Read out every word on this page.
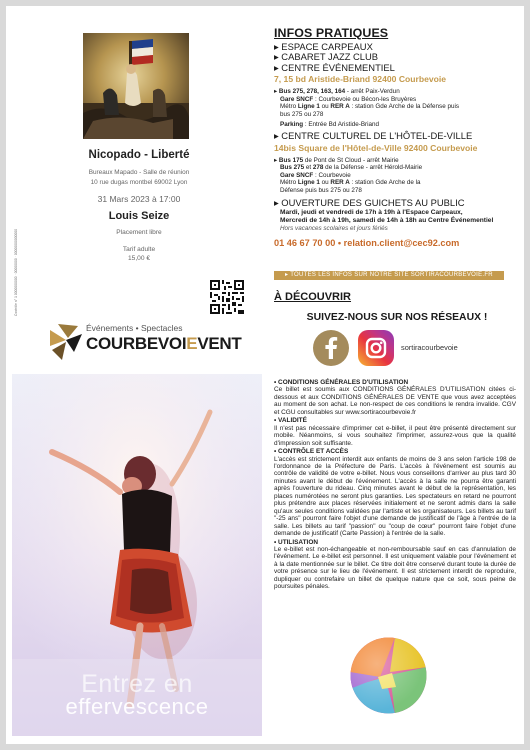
Contrôle n° 1 0000000000 · 00000000 · 00000000000000
Nicopado - Liberté
Bureaux Mapado - Salle de réunion
10 rue dugas montbel 69002 Lyon
31 Mars 2023 à 17:00
Louis Seize
Placement libre
Tarif adulte
15,00 €
Événements • Spectacles
COURBEVOIEVENT
INFOS PRATIQUES
▸ ESPACE CARPEAUX
▸ CABARET JAZZ CLUB
▸ CENTRE ÉVÉNEMENTIEL
7, 15 bd Aristide-Briand 92400 Courbevoie
▸ Bus 275, 278, 163, 164 - arrêt Paix-Verdun
Gare SNCF : Courbevoie ou Bécon-les Bruyères
Métro Ligne 1 ou RER A : station Gde Arche de la Défense puis
bus 275 ou 278
Parking : Entrée Bd Aristide-Briand
▸ CENTRE CULTUREL DE L'HÔTEL-DE-VILLE
14bis Square de l'Hôtel-de-Ville 92400 Courbevoie
▸ Bus 175 de Pont de St Cloud - arrêt Mairie
Bus 275 et 278 de la Défense - arrêt Hérold-Mairie
Gare SNCF : Courbevoie
Métro Ligne 1 ou RER A : station Gde Arche de la
Défense puis bus 275 ou 278
▸ OUVERTURE DES GUICHETS AU PUBLIC
Mardi, jeudi et vendredi de 17h à 19h à l'Espace Carpeaux,
Mercredi de 14h à 19h, samedi de 14h à 18h au Centre Événementiel
Hors vacances scolaires et jours fériés
01 46 67 70 00 • relation.client@cec92.com
▸ TOUTES LES INFOS SUR NOTRE SITE SORTIRACOURBEVOIE.FR
À DÉCOUVRIR
SUIVEZ-NOUS SUR NOS RÉSEAUX !
sortiracourbevoie
Entrez en
effervescence
• CONDITIONS GÉNÉRALES D'UTILISATION

Ce billet est soumis aux CONDITIONS GÉNÉRALES D'UTILISATION citées ci-dessous et aux CONDITIONS GÉNÉRALES DE VENTE que vous avez acceptées au moment de son achat. Le non-respect de ces conditions le rendra invalide. CGV et CGU consultables sur www.sortiracourbevoie.fr

• VALIDITÉ

Il n'est pas nécessaire d'imprimer cet e-billet, il peut être présenté directement sur mobile. Néanmoins, si vous souhaitez l'imprimer, assurez-vous que la qualité d'impression soit suffisante.

• CONTRÔLE ET ACCÈS

L'accès est strictement interdit aux enfants de moins de 3 ans selon l'article 198 de l'ordonnance de la Préfecture de Paris. L'accès à l'événement est soumis au contrôle de validité de votre e-billet. Nous vous conseillons d'arriver au plus tard 30 minutes avant le début de l'événement. L'accès à la salle ne pourra être garanti après l'ouverture du rideau. Cinq minutes avant le début de la représentation, les places numérotées ne seront plus garanties. Les spectateurs en retard ne pourront plus prétendre aux places réservées initialement et ne seront admis dans la salle qu'aux seules conditions validées par l'artiste et les organisateurs. Les billets au tarif "-25 ans" pourront faire l'objet d'une demande de justificatif de l'âge à l'entrée de la salle. Les billets au tarif "passion" ou "coup de cœur" pourront faire l'objet d'une demande de justificatif (Carte Passion) à l'entrée de la salle.

• UTILISATION

Le e-billet est non-échangeable et non-remboursable sauf en cas d'annulation de l'événement. Le e-billet est personnel. Il est uniquement valable pour l'événement et à la date mentionnée sur le billet. Ce titre doit être conservé durant toute la durée de votre présence sur le lieu de l'événement. Il est strictement interdit de reproduire, dupliquer ou contrefaire un billet de quelque nature que ce soit, sous peine de poursuites pénales.
